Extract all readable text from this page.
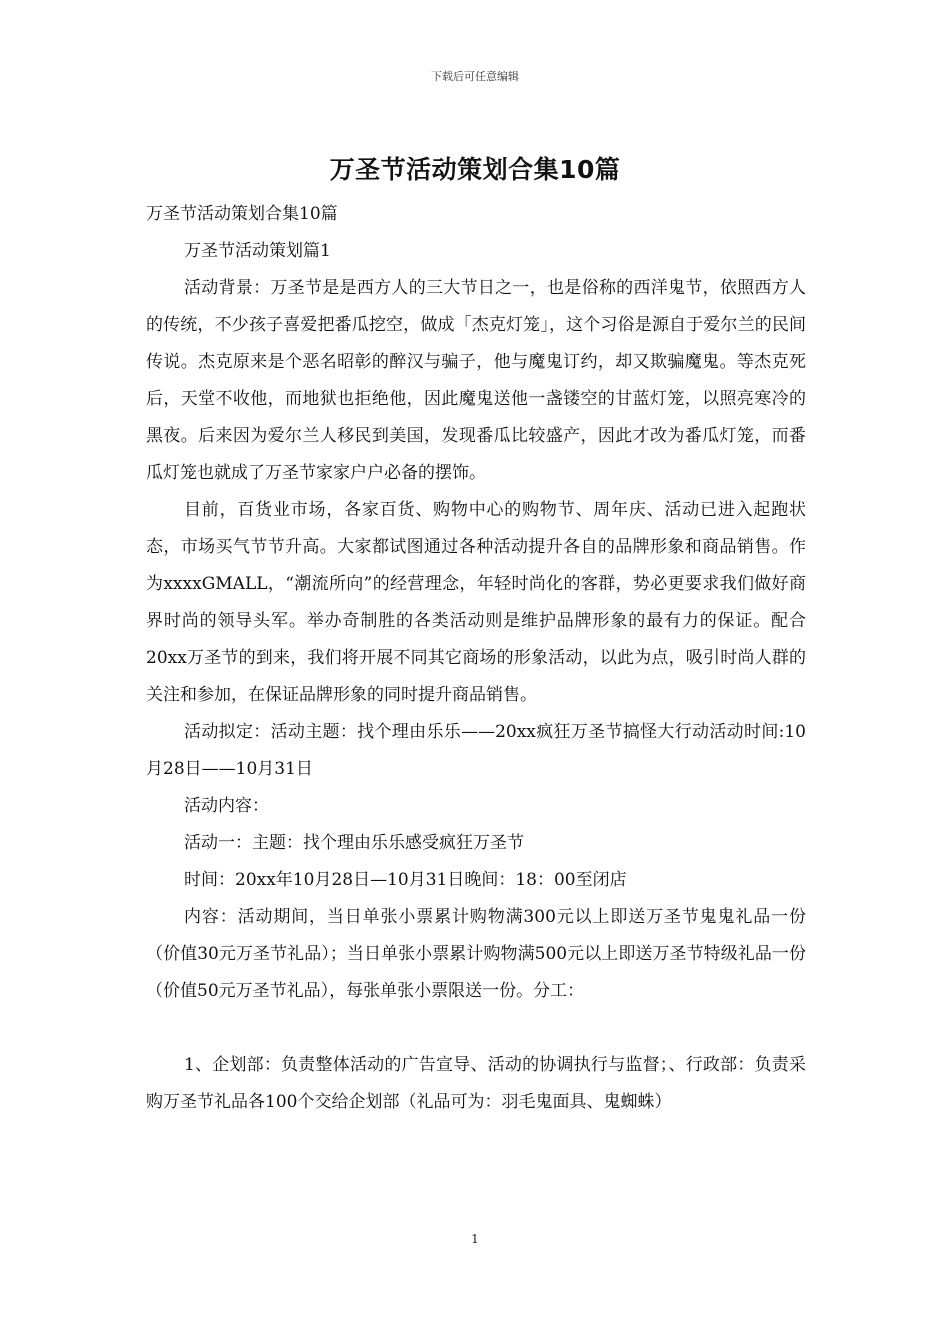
下载后可任意编辑
万圣节活动策划合集10篇

万圣节活动策划合集10篇

万圣节活动策划篇1

活动背景：万圣节是是西方人的三大节日之一，也是俗称的西洋鬼节，依照西方人的传统，不少孩子喜爱把番瓜挖空，做成「杰克灯笼」，这个习俗是源自于爱尔兰的民间传说。杰克原来是个恶名昭彰的醉汉与骗子，他与魔鬼订约，却又欺骗魔鬼。等杰克死后，天堂不收他，而地狱也拒绝他，因此魔鬼送他一盏镂空的甘蓝灯笼，以照亮寒冷的黑夜。后来因为爱尔兰人移民到美国，发现番瓜比较盛产，因此才改为番瓜灯笼，而番瓜灯笼也就成了万圣节家家户户必备的摆饰。

目前，百货业市场，各家百货、购物中心的购物节、周年庆、活动已进入起跑状态，市场买气节节升高。大家都试图通过各种活动提升各自的品牌形象和商品销售。作为xxxxGMALL，“潮流所向”的经营理念，年轻时尚化的客群，势必更要求我们做好商界时尚的领导头军。举办奇制胜的各类活动则是维护品牌形象的最有力的保证。配合20xx万圣节的到来，我们将开展不同其它商场的形象活动，以此为点，吸引时尚人群的关注和参加，在保证品牌形象的同时提升商品销售。

活动拟定：活动主题：找个理由乐乐——20xx疯狂万圣节搞怪大行动活动时间:10月28日——10月31日

活动内容：

活动一：主题：找个理由乐乐感受疯狂万圣节

时间：20xx年10月28日—10月31日晚间：18：00至闭店

内容：活动期间，当日单张小票累计购物满300元以上即送万圣节鬼鬼礼品一份（价值30元万圣节礼品）；当日单张小票累计购物满500元以上即送万圣节特级礼品一份（价值50元万圣节礼品），每张单张小票限送一份。分工：

1、企划部：负责整体活动的广告宣导、活动的协调执行与监督；、行政部：负责采购万圣节礼品各100个交给企划部（礼品可为：羽毛鬼面具、鬼蜘蛛）

1
